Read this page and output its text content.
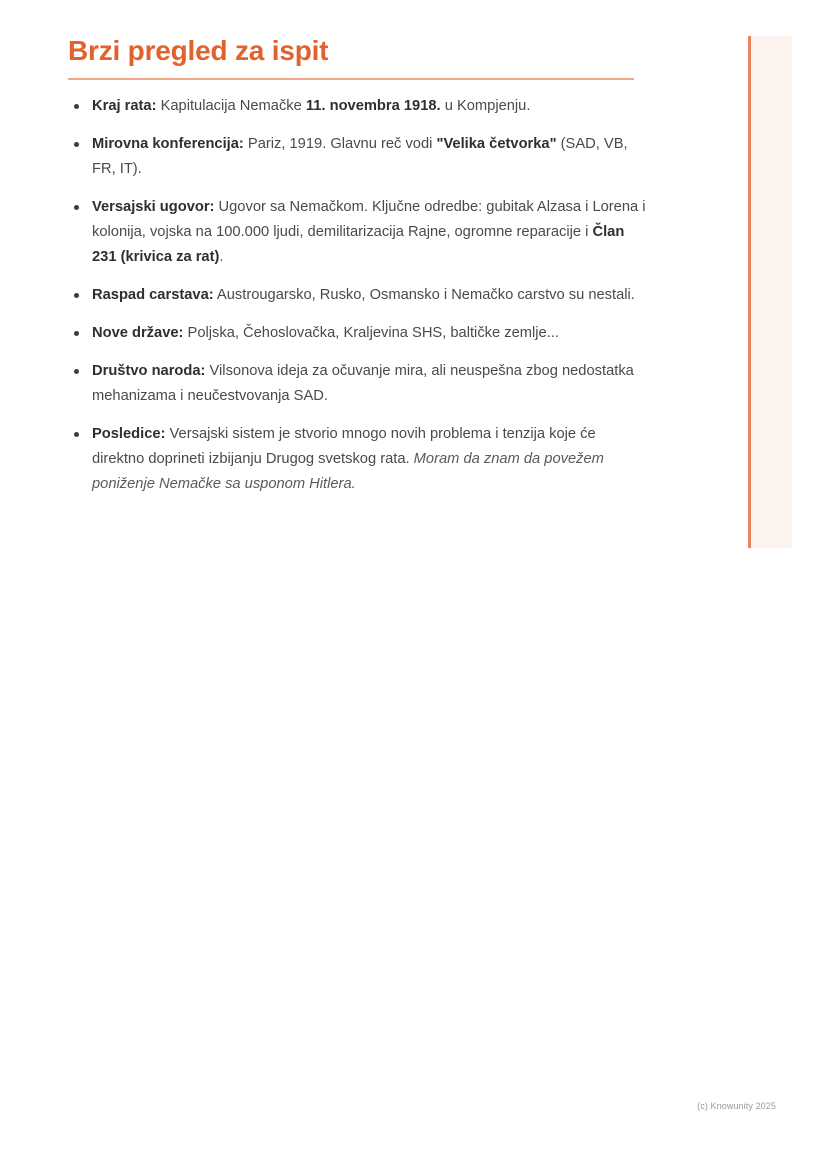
Brzi pregled za ispit
Kraj rata: Kapitulacija Nemačke 11. novembra 1918. u Kompjenju.
Mirovna konferencija: Pariz, 1919. Glavnu reč vodi "Velika četvorka" (SAD, VB, FR, IT).
Versajski ugovor: Ugovor sa Nemačkom. Ključne odredbe: gubitak Alzasa i Lorena i kolonija, vojska na 100.000 ljudi, demilitarizacija Rajne, ogromne reparacije i Član 231 (krivica za rat).
Raspad carstava: Austrougarsko, Rusko, Osmansko i Nemačko carstvo su nestali.
Nove države: Poljska, Čehoslovačka, Kraljevina SHS, baltičke zemlje...
Društvo naroda: Vilsonova ideja za očuvanje mira, ali neuspešna zbog nedostatka mehanizama i neučestvovanja SAD.
Posledice: Versajski sistem je stvorio mnogo novih problema i tenzija koje će direktno doprineti izbijanju Drugog svetskog rata. Moram da znam da povežem poniženje Nemačke sa usponom Hitlera.
(c) Knowunity 2025
